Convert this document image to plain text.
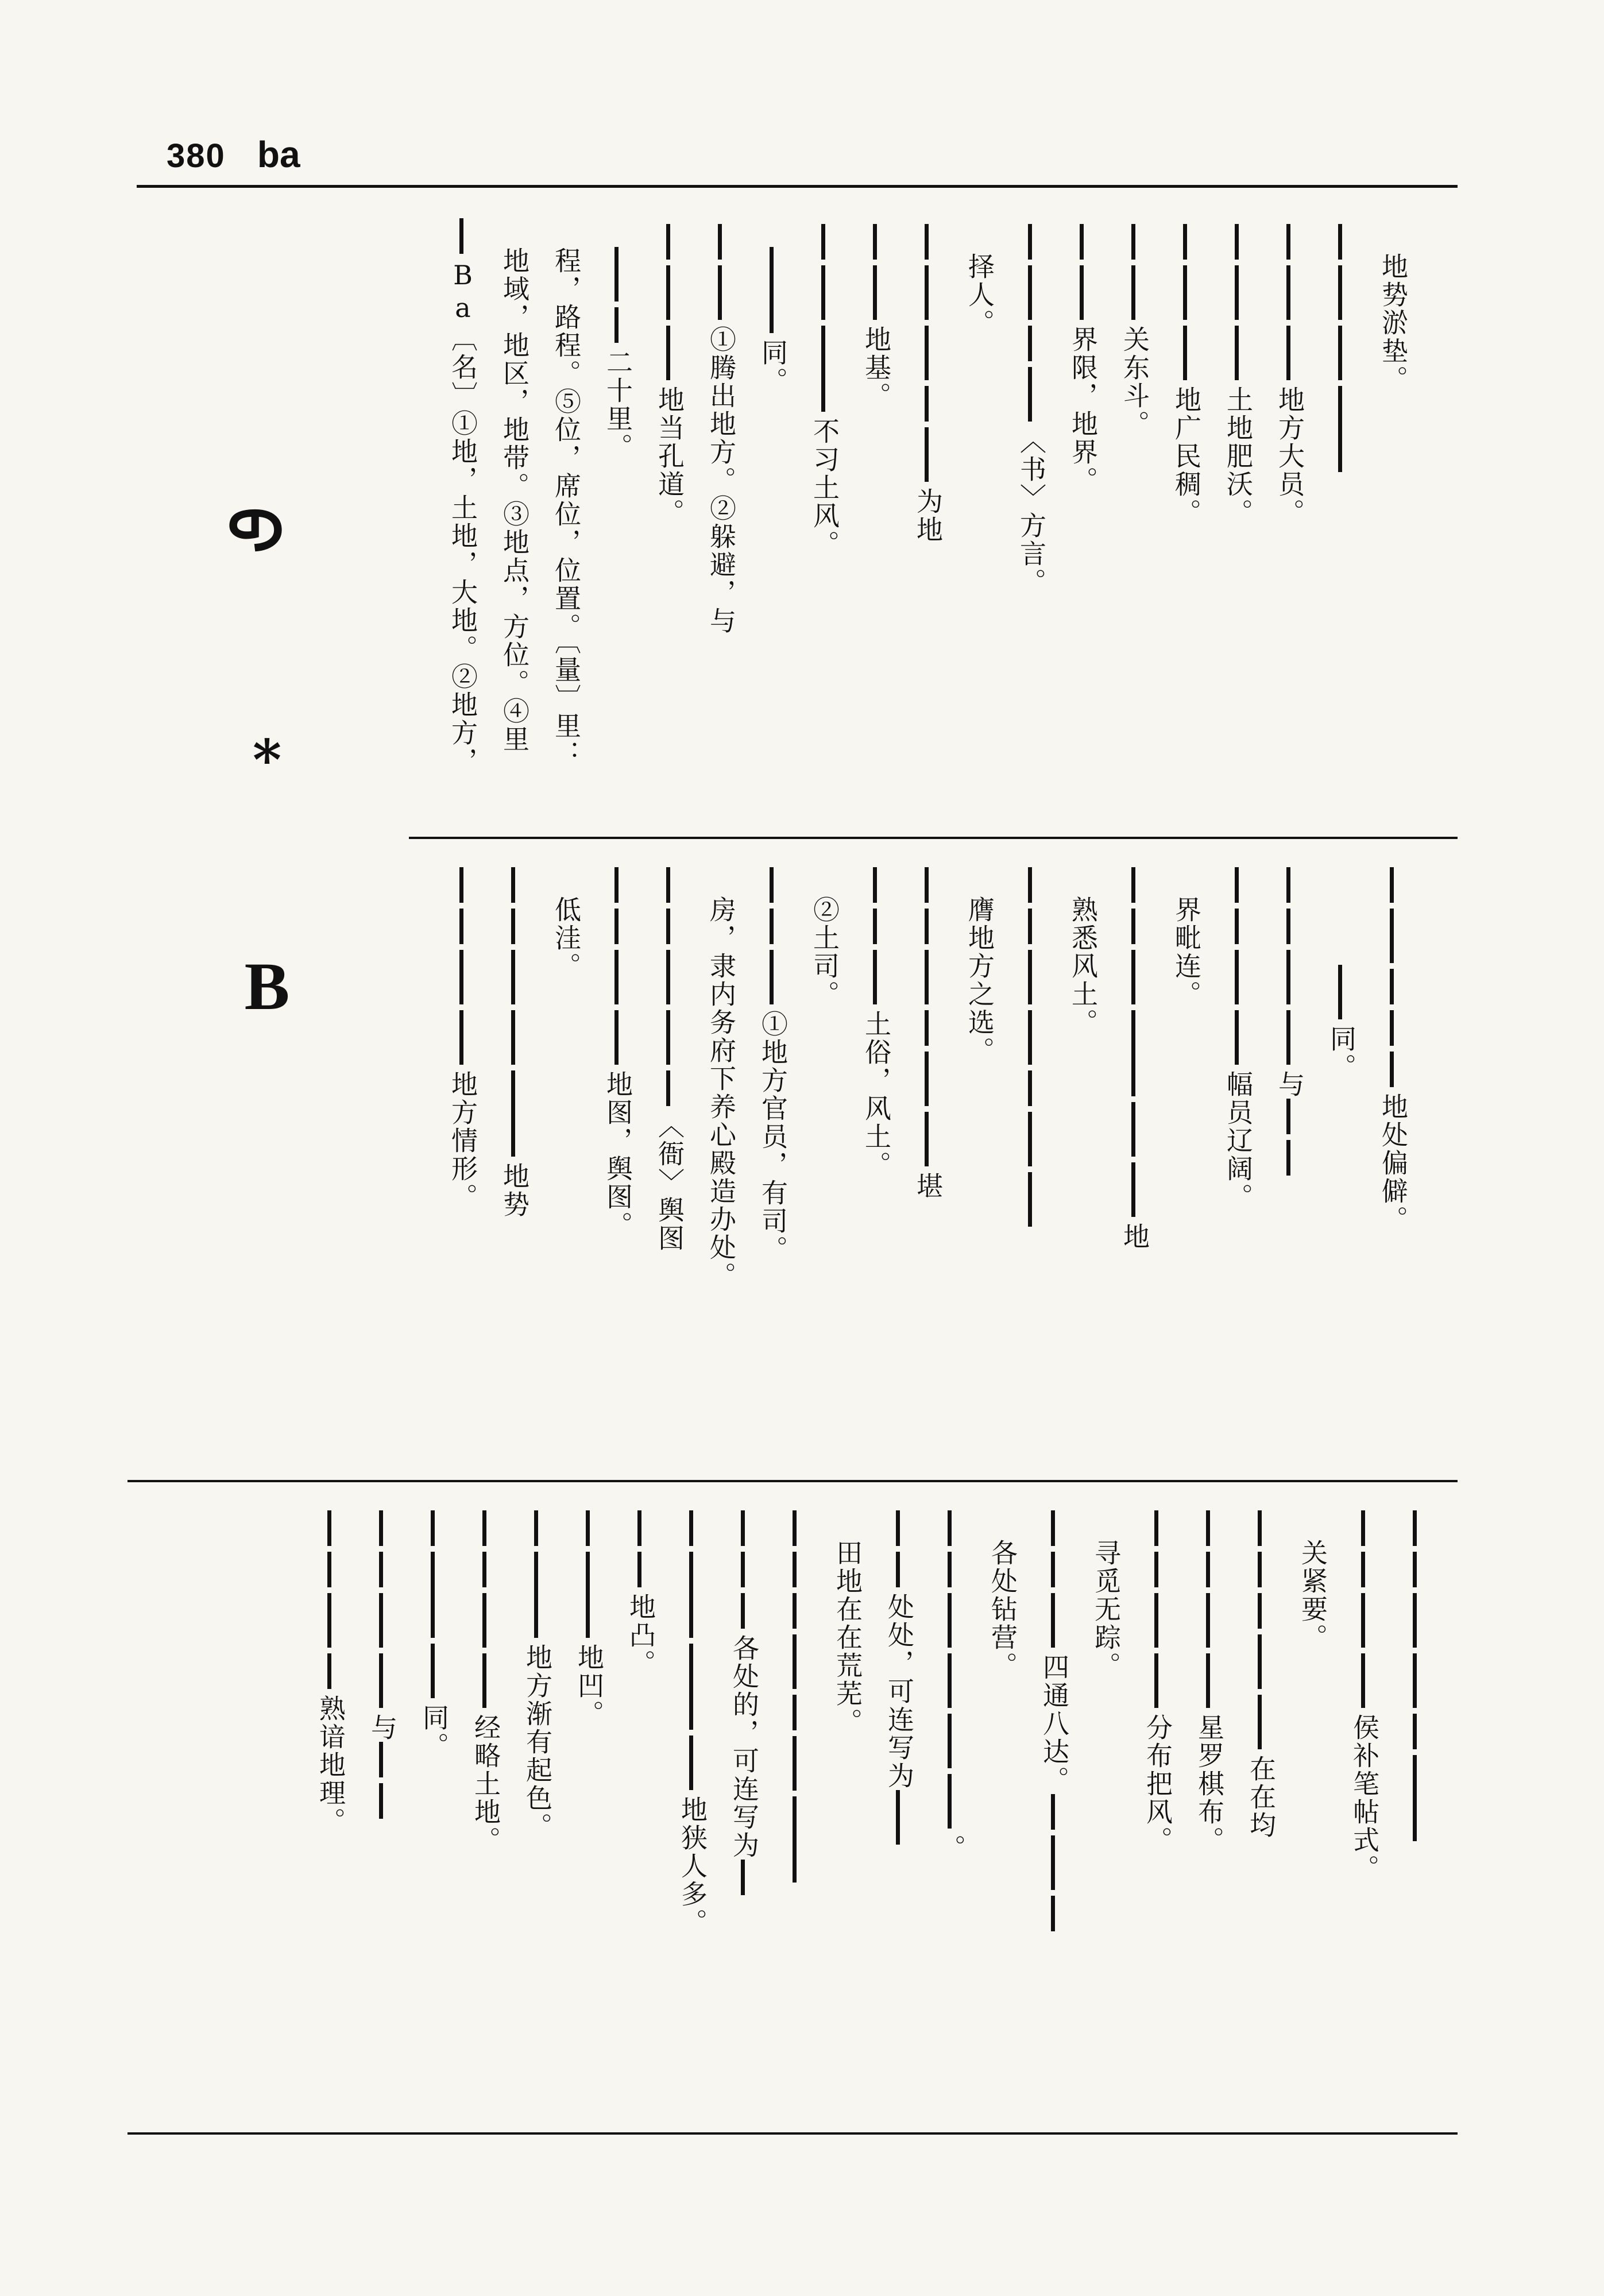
380 ba
ᠪ
*
B
地势淤垫。
地方大员。
土地肥沃。
地广民稠。
关东斗。
界限，地界。
〈书〉方言。
择人。
为地
地基。
不习土风。
同。
①腾出地方。②躲避，与
地当孔道。
二十里。
程，路程。⑤位，席位，位置。〔量〕里：
地域，地区，地带。③地点，方位。④里
Ba〔名〕①地，土地，大地。②地方，
地处偏僻。
同。
与
幅员辽阔。
界毗连。
地
熟悉风土。
膺地方之选。
堪
土俗，风土。
②土司。
①地方官员，有司。
房，隶内务府下养心殿造办处。
〈衙〉舆图
地图，舆图。
低洼。
地势
地方情形。
侯补笔帖式。
关紧要。
在在均
星罗棋布。
分布把风。
寻觅无踪。
四通八达。
各处钻营。
。
处处，可连写为
田地在在荒芜。
各处的，可连写为
地狭人多。
地凸。
地凹。
地方渐有起色。
经略土地。
同。
与
熟谙地理。
